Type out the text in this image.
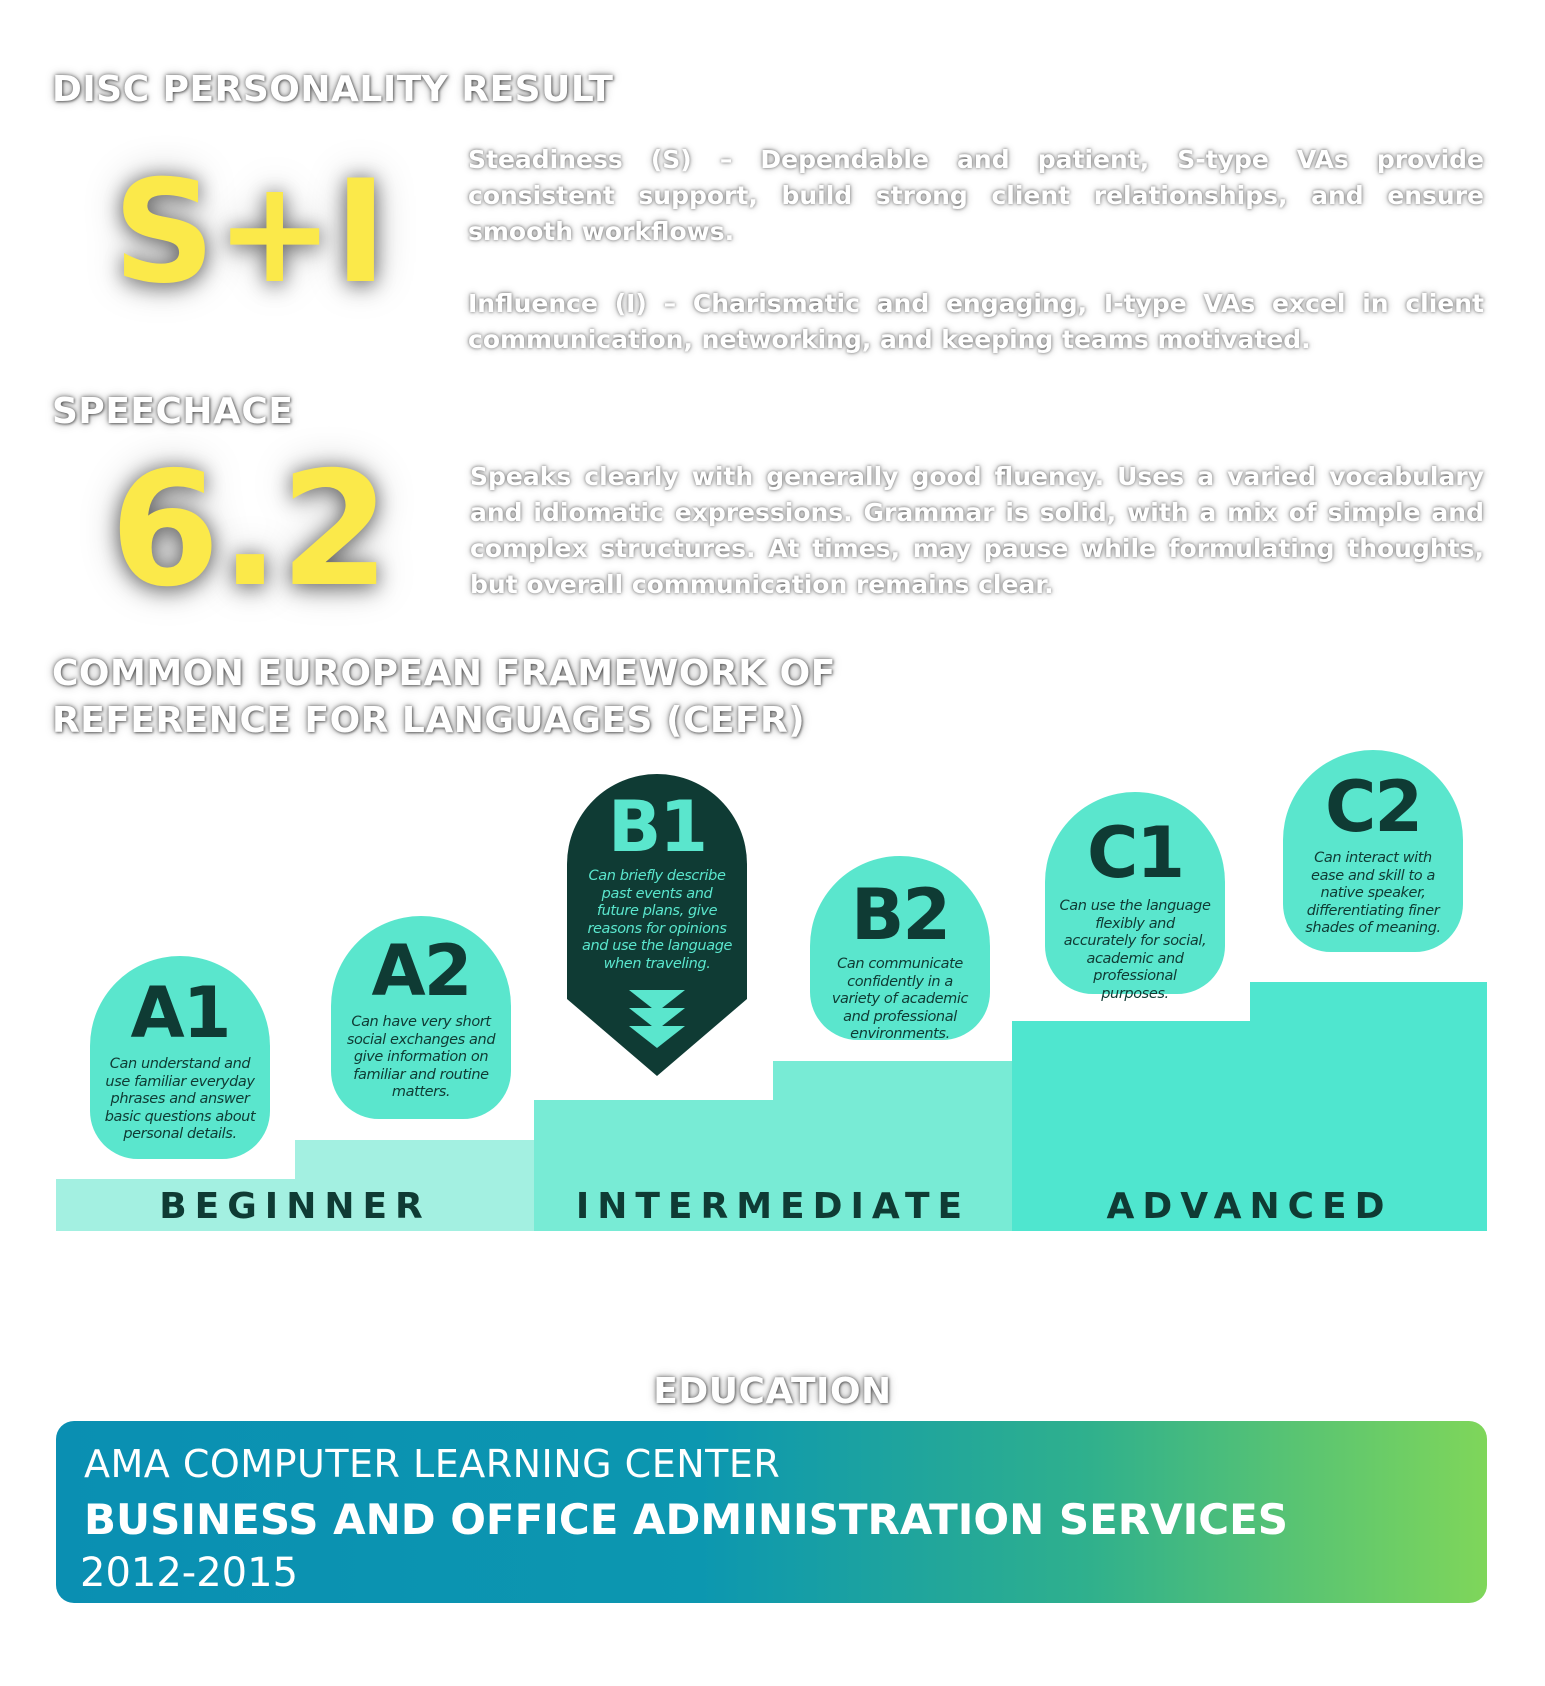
DISC PERSONALITY RESULT
S+I	Steadiness (S) – Dependable and patient, S-type VAs provide consistent support, build strong client relationships, and ensure smooth workflows.

Influence (I) – Charismatic and engaging, I-type VAs excel in client communication, networking, and keeping teams motivated.

SPEECHACE
6.2	Speaks clearly with generally good fluency. Uses a varied vocabulary and idiomatic expressions. Grammar is solid, with a mix of simple and complex structures. At times, may pause while formulating thoughts, but overall communication remains clear.

COMMON EUROPEAN FRAMEWORK OF
REFERENCE FOR LANGUAGES (CEFR)
BEGINNER	INTERMEDIATE	ADVANCED
A1
Can understand and use familiar everyday phrases and answer basic questions about personal details.
A2
Can have very short social exchanges and give information on familiar and routine matters.
B1
Can briefly describe past events and future plans, give reasons for opinions and use the language when traveling.
B2
Can communicate confidently in a variety of academic and professional environments.
C1
Can use the language flexibly and accurately for social, academic and professional purposes.
C2
Can interact with ease and skill to a native speaker, differentiating finer shades of meaning.
EDUCATION

AMA COMPUTER LEARNING CENTER

BUSINESS AND OFFICE ADMINISTRATION SERVICES

2012-2015
